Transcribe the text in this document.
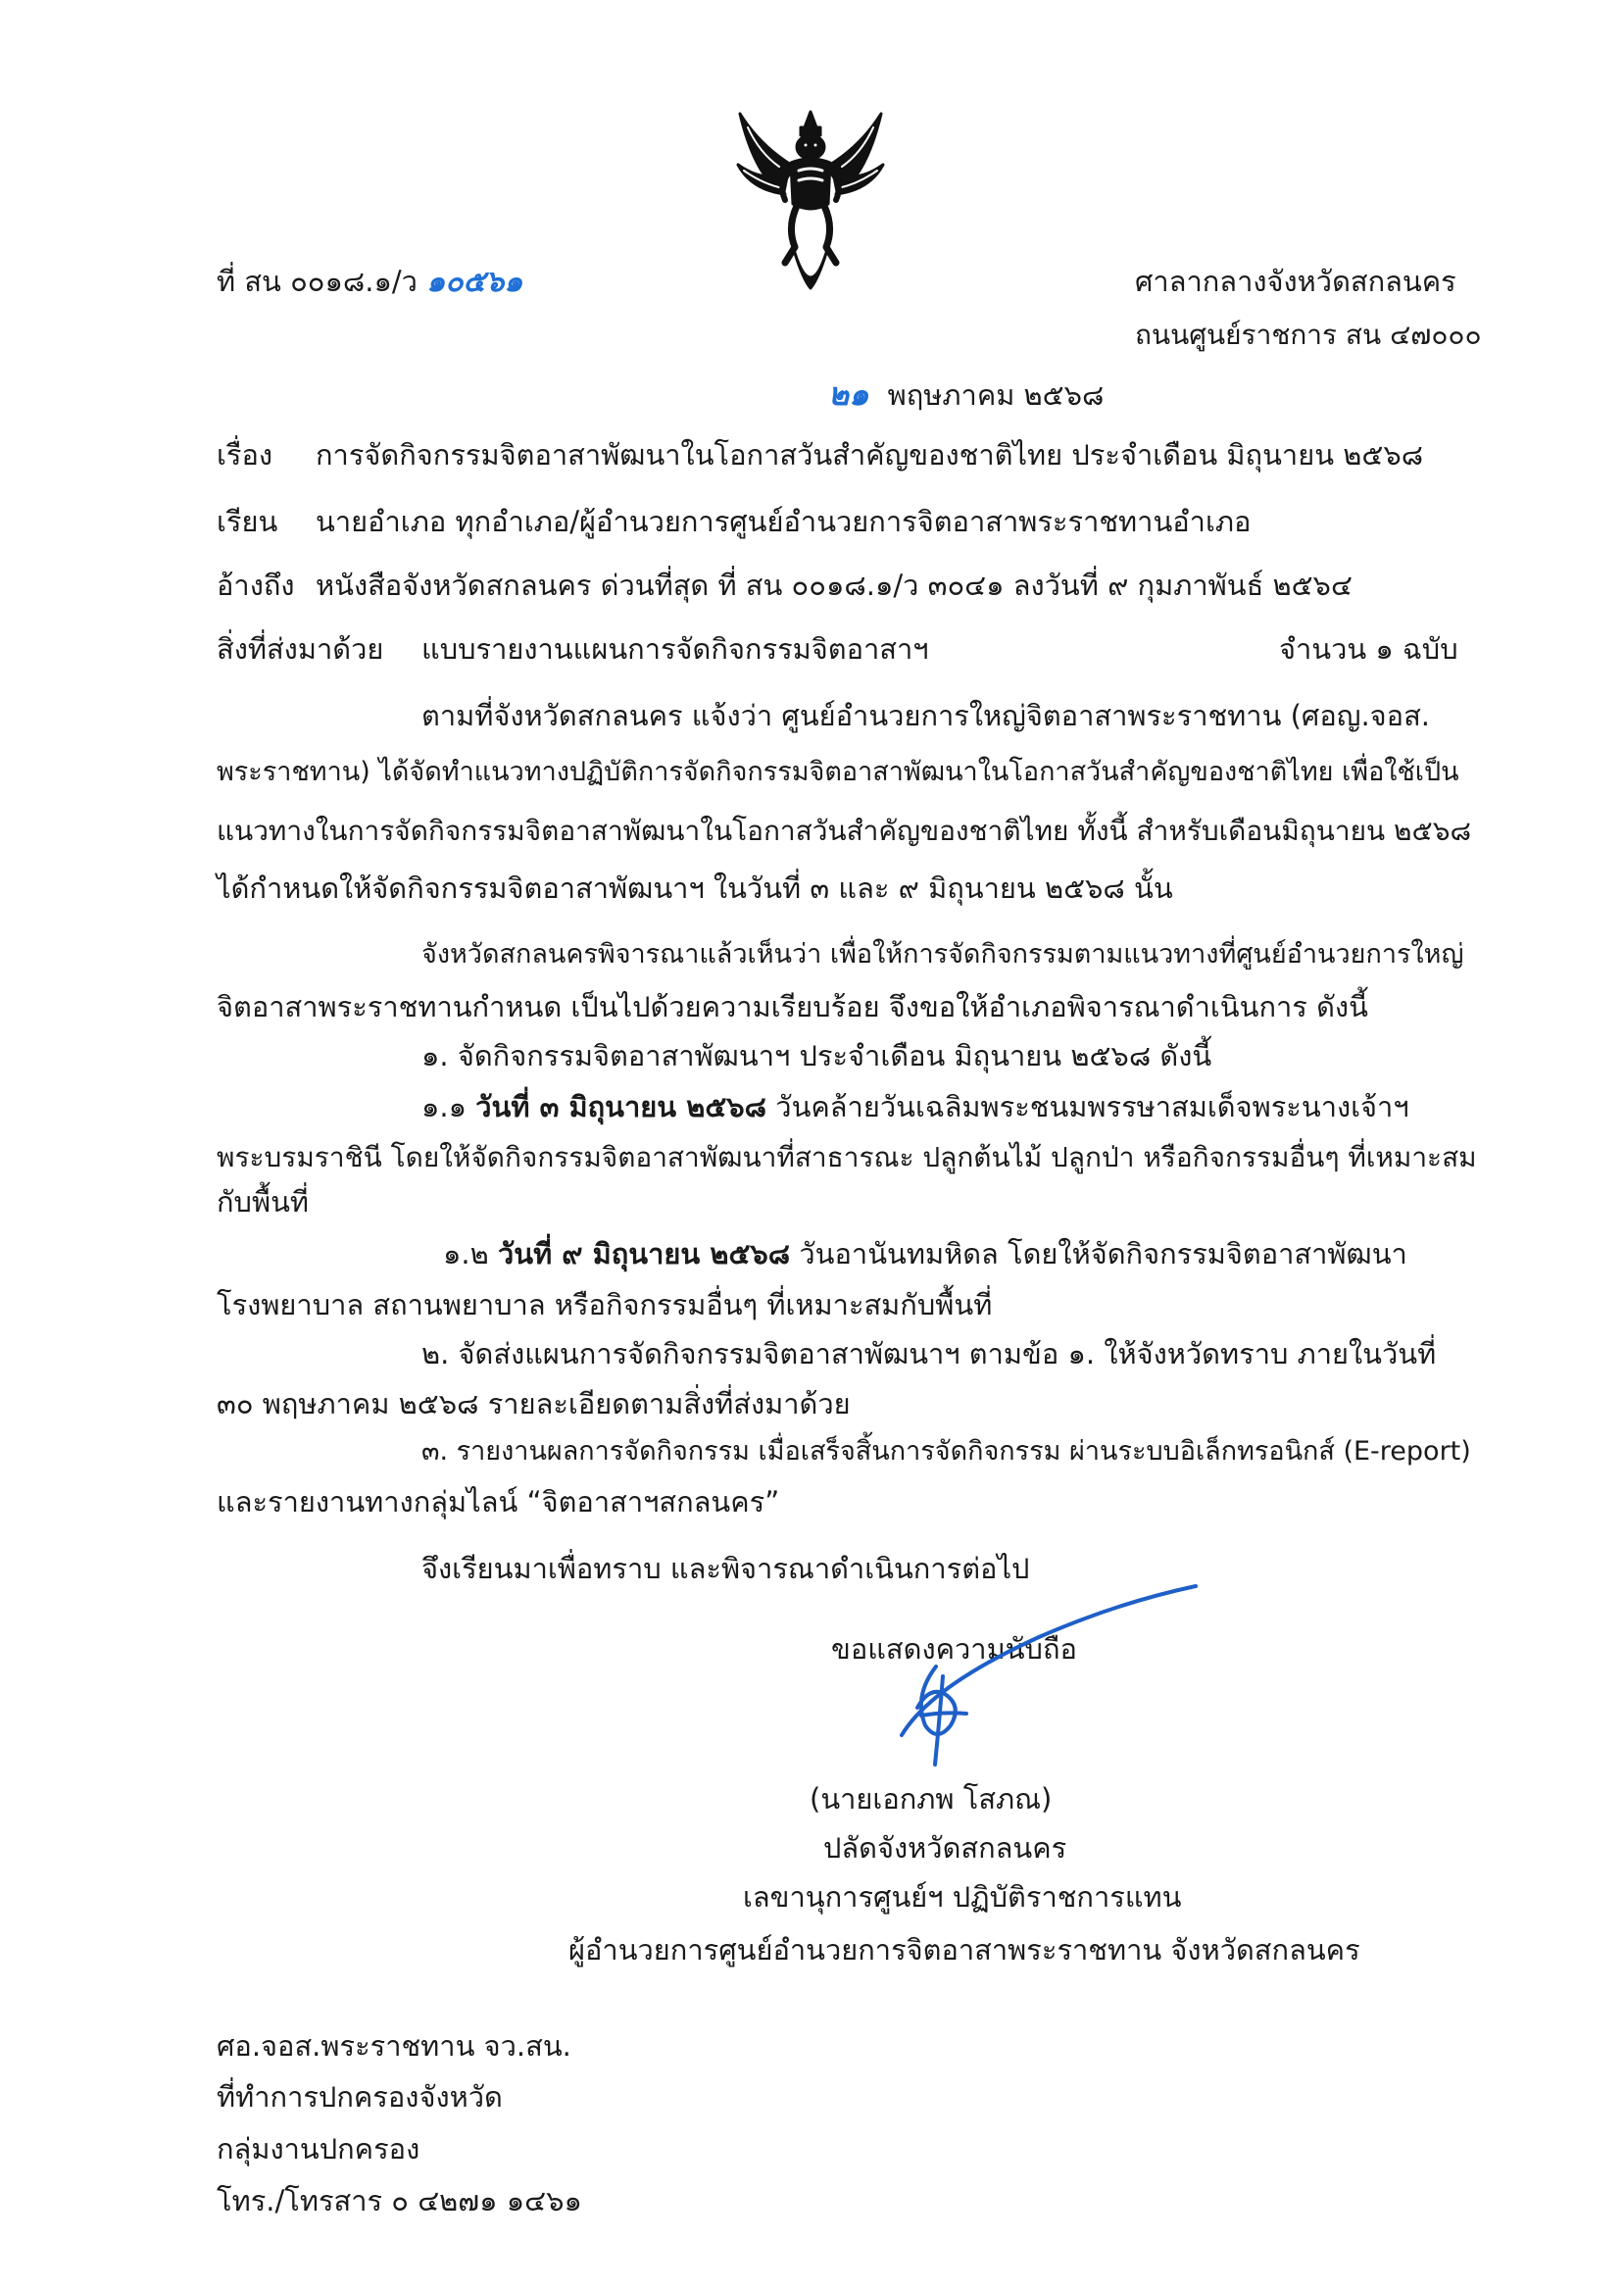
ที่ สน ๐๐๑๘.๑/ว ๑๐๕๖๑	ศาลากลางจังหวัดสกลนคร
ถนนศูนย์ราชการ สน ๔๗๐๐๐
๒๑ พฤษภาคม ๒๕๖๘
เรื่อง การจัดกิจกรรมจิตอาสาพัฒนาในโอกาสวันสำคัญของชาติไทย ประจำเดือน มิถุนายน ๒๕๖๘
เรียน นายอำเภอ ทุกอำเภอ/ผู้อำนวยการศูนย์อำนวยการจิตอาสาพระราชทานอำเภอ
อ้างถึง หนังสือจังหวัดสกลนคร ด่วนที่สุด ที่ สน ๐๐๑๘.๑/ว ๓๐๔๑ ลงวันที่ ๙ กุมภาพันธ์ ๒๕๖๔
สิ่งที่ส่งมาด้วย แบบรายงานแผนการจัดกิจกรรมจิตอาสาฯ	จำนวน ๑ ฉบับ
ตามที่จังหวัดสกลนคร แจ้งว่า ศูนย์อำนวยการใหญ่จิตอาสาพระราชทาน (ศอญ.จอส.
พระราชทาน) ได้จัดทำแนวทางปฏิบัติการจัดกิจกรรมจิตอาสาพัฒนาในโอกาสวันสำคัญของชาติไทย เพื่อใช้เป็น
แนวทางในการจัดกิจกรรมจิตอาสาพัฒนาในโอกาสวันสำคัญของชาติไทย ทั้งนี้ สำหรับเดือนมิถุนายน ๒๕๖๘
ได้กำหนดให้จัดกิจกรรมจิตอาสาพัฒนาฯ ในวันที่ ๓ และ ๙ มิถุนายน ๒๕๖๘ นั้น
จังหวัดสกลนครพิจารณาแล้วเห็นว่า เพื่อให้การจัดกิจกรรมตามแนวทางที่ศูนย์อำนวยการใหญ่
จิตอาสาพระราชทานกำหนด เป็นไปด้วยความเรียบร้อย จึงขอให้อำเภอพิจารณาดำเนินการ ดังนี้
๑. จัดกิจกรรมจิตอาสาพัฒนาฯ ประจำเดือน มิถุนายน ๒๕๖๘ ดังนี้
๑.๑ วันที่ ๓ มิถุนายน ๒๕๖๘ วันคล้ายวันเฉลิมพระชนมพรรษาสมเด็จพระนางเจ้าฯ
พระบรมราชินี โดยให้จัดกิจกรรมจิตอาสาพัฒนาที่สาธารณะ ปลูกต้นไม้ ปลูกป่า หรือกิจกรรมอื่นๆ ที่เหมาะสม
กับพื้นที่
๑.๒ วันที่ ๙ มิถุนายน ๒๕๖๘ วันอานันทมหิดล โดยให้จัดกิจกรรมจิตอาสาพัฒนา
โรงพยาบาล สถานพยาบาล หรือกิจกรรมอื่นๆ ที่เหมาะสมกับพื้นที่
๒. จัดส่งแผนการจัดกิจกรรมจิตอาสาพัฒนาฯ ตามข้อ ๑. ให้จังหวัดทราบ ภายในวันที่
๓๐ พฤษภาคม ๒๕๖๘ รายละเอียดตามสิ่งที่ส่งมาด้วย
๓. รายงานผลการจัดกิจกรรม เมื่อเสร็จสิ้นการจัดกิจกรรม ผ่านระบบอิเล็กทรอนิกส์ (E-report)
และรายงานทางกลุ่มไลน์ “จิตอาสาฯสกลนคร”
จึงเรียนมาเพื่อทราบ และพิจารณาดำเนินการต่อไป
ขอแสดงความนับถือ
(นายเอกภพ โสภณ)
ปลัดจังหวัดสกลนคร
เลขานุการศูนย์ฯ ปฏิบัติราชการแทน
ผู้อำนวยการศูนย์อำนวยการจิตอาสาพระราชทาน จังหวัดสกลนคร
ศอ.จอส.พระราชทาน จว.สน.
ที่ทำการปกครองจังหวัด
กลุ่มงานปกครอง
โทร./โทรสาร ๐ ๔๒๗๑ ๑๔๖๑
